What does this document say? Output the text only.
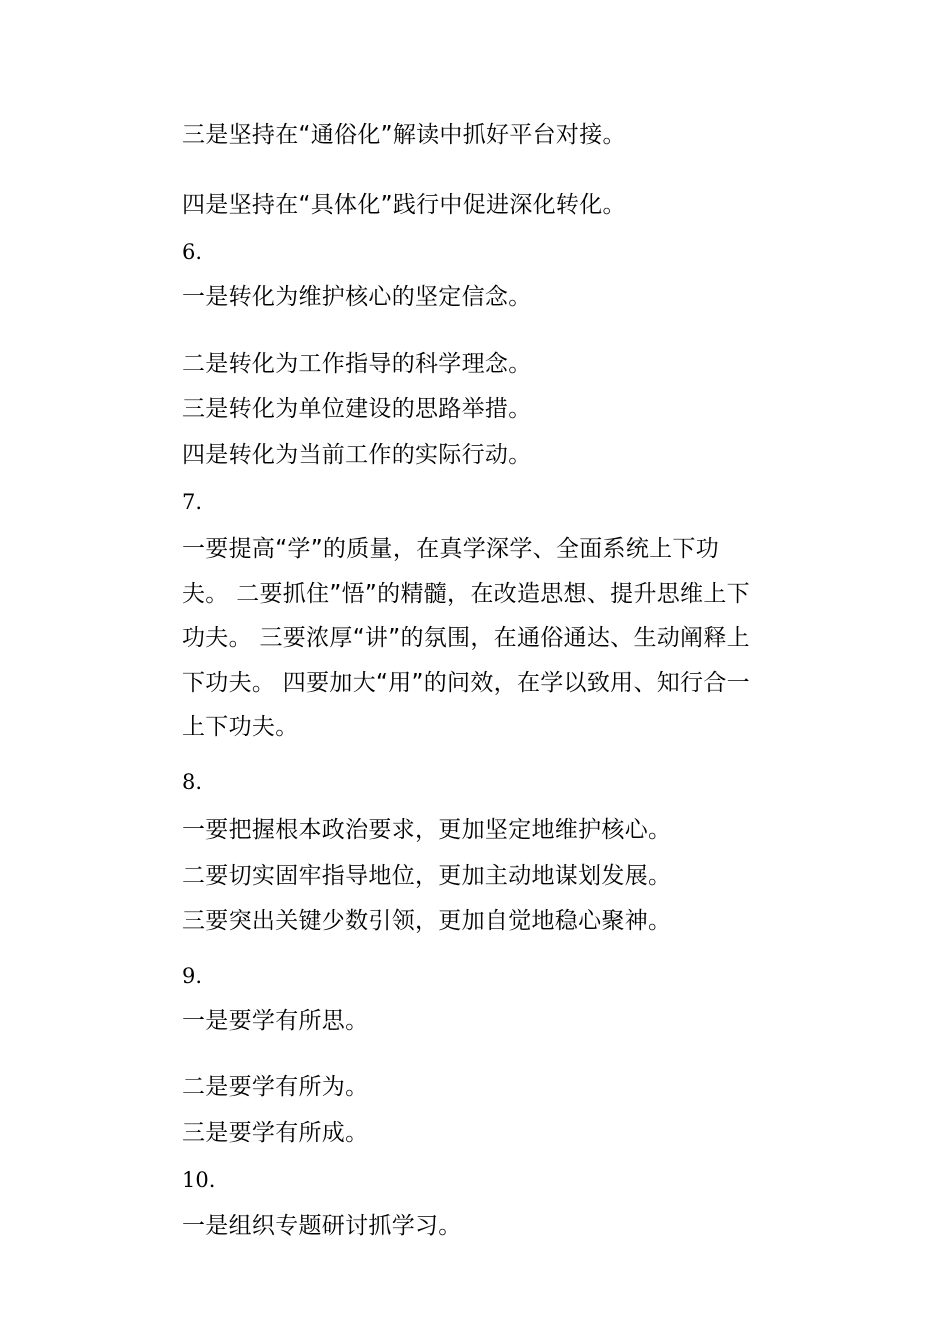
三是坚持在“通俗化”解读中抓好平台对接。
四是坚持在“具体化”践行中促进深化转化。
6.
一是转化为维护核心的坚定信念。
二是转化为工作指导的科学理念。
三是转化为单位建设的思路举措。
四是转化为当前工作的实际行动。
7.
一要提高“学”的质量，在真学深学、全面系统上下功
夫。 二要抓住”悟”的精髓，在改造思想、提升思维上下
功夫。 三要浓厚“讲”的氛围，在通俗通达、生动阐释上
下功夫。 四要加大“用”的问效，在学以致用、知行合一
上下功夫。
8.
一要把握根本政治要求，更加坚定地维护核心。
二要切实固牢指导地位，更加主动地谋划发展。
三要突出关键少数引领，更加自觉地稳心聚神。
9.
一是要学有所思。
二是要学有所为。
三是要学有所成。
10.
一是组织专题研讨抓学习。
